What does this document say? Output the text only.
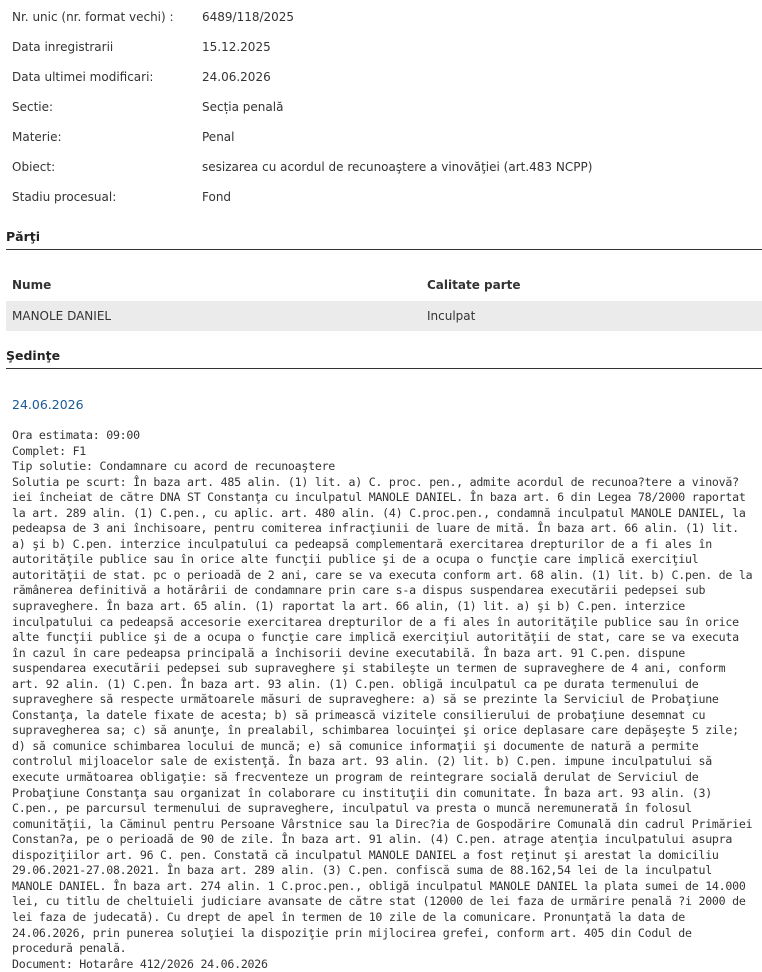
Nr. unic (nr. format vechi) : 6489/118/2025
Data inregistrarii	15.12.2025
Data ultimei modificari:	24.06.2026
Sectie:	Secția penală
Materie:	Penal
Obiect:	sesizarea cu acordul de recunoaştere a vinovăţiei (art.483 NCPP)
Stadiu procesual:	Fond
Părţi
Nume	Calitate parte
MANOLE DANIEL	Inculpat
Şedinţe
24.06.2026
Ora estimata: 09:00
Complet: F1
Tip solutie: Condamnare cu acord de recunoaştere
Solutia pe scurt: În baza art. 485 alin. (1) lit. a) C. proc. pen., admite acordul de recunoa?tere a vinovă?iei încheiat de către DNA ST Constanţa cu inculpatul MANOLE DANIEL. În baza art. 6 din Legea 78/2000 raportat la art. 289 alin. (1) C.pen., cu aplic. art. 480 alin. (4) C.proc.pen., condamnă inculpatul MANOLE DANIEL, la pedeapsa de 3 ani închisoare, pentru comiterea infracţiunii de luare de mită. În baza art. 66 alin. (1) lit. a) şi b) C.pen. interzice inculpatului ca pedeapsă complementară exercitarea drepturilor de a fi ales în autorităţile publice sau în orice alte funcţii publice şi de a ocupa o funcţie care implică exerciţiul autorităţii de stat. pc o perioadă de 2 ani, care se va executa conform art. 68 alin. (1) lit. b) C.pen. de la rămânerea definitivă a hotărârii de condamnare prin care s-a dispus suspendarea executării pedepsei sub supraveghere. În baza art. 65 alin. (1) raportat la art. 66 alin, (1) lit. a) şi b) C.pen. interzice inculpatului ca pedeapsă accesorie exercitarea drepturilor de a fi ales în autorităţile publice sau în orice alte funcţii publice şi de a ocupa o funcţie care implică exerciţiul autorităţii de stat, care se va executa în cazul în care pedeapsa principală a închisorii devine executabilă. În baza art. 91 C.pen. dispune suspendarea executării pedepsei sub supraveghere şi stabileşte un termen de supraveghere de 4 ani, conform art. 92 alin. (1) C.pen. În baza art. 93 alin. (1) C.pen. obligă inculpatul ca pe durata termenului de supraveghere să respecte următoarele măsuri de supraveghere: a) să se prezinte la Serviciul de Probaţiune Constanţa, la datele fixate de acesta; b) să primească vizitele consilierului de probaţiune desemnat cu supravegherea sa; c) să anunţe, în prealabil, schimbarea locuinţei şi orice deplasare care depăşeşte 5 zile; d) să comunice schimbarea locului de muncă; e) să comunice informaţii şi documente de natură a permite controlul mijloacelor sale de existenţă. În baza art. 93 alin. (2) lit. b) C.pen. impune inculpatului să execute următoarea obligaţie: să frecventeze un program de reintegrare socială derulat de Serviciul de Probaţiune Constanţa sau organizat în colaborare cu instituţii din comunitate. În baza art. 93 alin. (3) C.pen., pe parcursul termenului de supraveghere, inculpatul va presta o muncă neremunerată în folosul comunităţii, la Căminul pentru Persoane Vârstnice sau la Direc?ia de Gospodărire Comunală din cadrul Primăriei Constan?a, pe o perioadă de 90 de zile. În baza art. 91 alin. (4) C.pen. atrage atenţia inculpatului asupra dispoziţiilor art. 96 C. pen. Constată că inculpatul MANOLE DANIEL a fost reţinut şi arestat la domiciliu 29.06.2021-27.08.2021. În baza art. 289 alin. (3) C.pen. confiscă suma de 88.162,54 lei de la inculpatul MANOLE DANIEL. În baza art. 274 alin. 1 C.proc.pen., obligă inculpatul MANOLE DANIEL la plata sumei de 14.000 lei, cu titlu de cheltuieli judiciare avansate de către stat (12000 de lei faza de urmărire penală ?i 2000 de lei faza de judecată). Cu drept de apel în termen de 10 zile de la comunicare. Pronunţată la data de 24.06.2026, prin punerea soluţiei la dispoziţie prin mijlocirea grefei, conform art. 405 din Codul de procedură penală.
Document: Hotarâre 412/2026 24.06.2026
